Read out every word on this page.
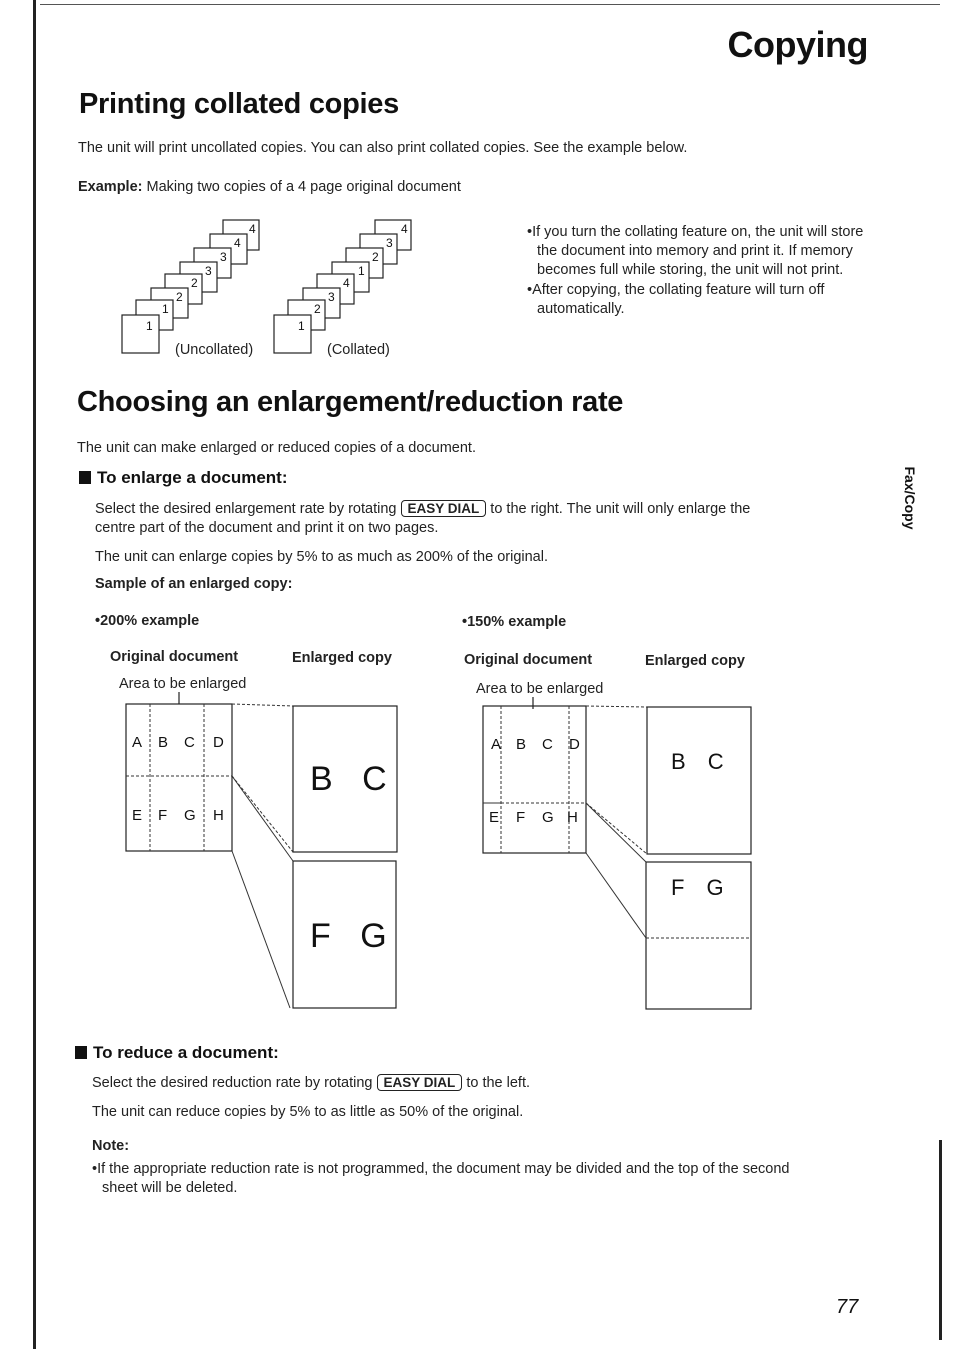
Copying
Fax/Copy
Printing collated copies
The unit will print uncollated copies. You can also print collated copies. See the example below.
Example: Making two copies of a 4 page original document
4
4
3
3
2
2
1
1
4
3
2
1
4
3
2
1
(Uncollated)	(Collated)
•If you turn the collating feature on, the unit will store the document into memory and print it. If memory becomes full while storing, the unit will not print.
•After copying, the collating feature will turn off automatically.
Choosing an enlargement/reduction rate
The unit can make enlarged or reduced copies of a document.
To enlarge a document:
Select the desired enlargement rate by rotating EASY DIAL to the right. The unit will only enlarge the
centre part of the document and print it on two pages.
The unit can enlarge copies by 5% to as much as 200% of the original.
Sample of an enlarged copy:
•200% example
Original document	Enlarged copy
Area to be enlarged
•150% example
Original document	Enlarged copy
Area to be enlarged
A B C D
E F G H
B C
F G
A B C D
E F G H
B C
F G
To reduce a document:
Select the desired reduction rate by rotating EASY DIAL to the left.
The unit can reduce copies by 5% to as little as 50% of the original.
Note:
•If the appropriate reduction rate is not programmed, the document may be divided and the top of the second sheet will be deleted.
77
